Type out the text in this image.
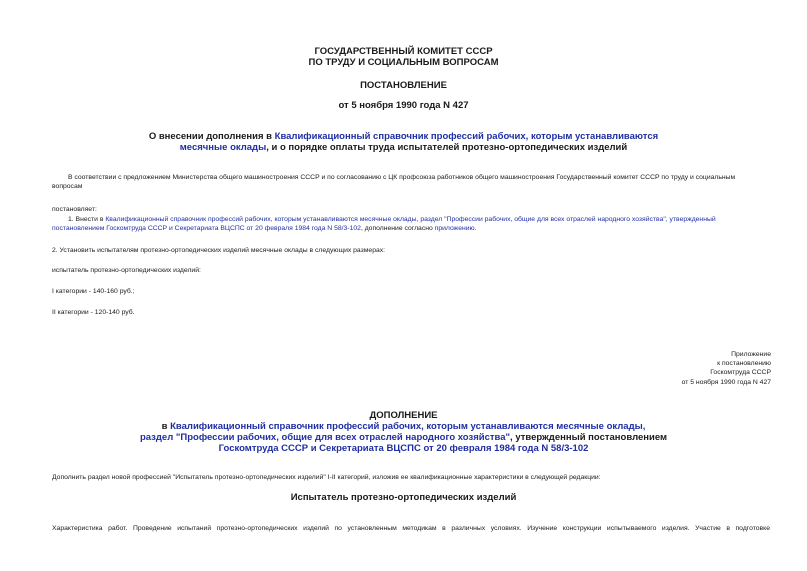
ГОСУДАРСТВЕННЫЙ КОМИТЕТ СССР
ПО ТРУДУ И СОЦИАЛЬНЫМ ВОПРОСАМ
ПОСТАНОВЛЕНИЕ
от 5 ноября 1990 года N 427
О внесении дополнения в Квалификационный справочник профессий рабочих, которым устанавливаются
месячные оклады, и о порядке оплаты труда испытателей протезно-ортопедических изделий
В соответствии с предложением Министерства общего машиностроения СССР и по согласованию с ЦК профсоюза работников общего машиностроения Государственный комитет СССР по труду и социальным
вопросам
постановляет:
1. Внести в Квалификационный справочник профессий рабочих, которым устанавливаются месячные оклады, раздел "Профессии рабочих, общие для всех отраслей народного хозяйства", утвержденный
постановлением Госкомтруда СССР и Секретариата ВЦСПС от 20 февраля 1984 года N 58/3-102, дополнение согласно приложению.
2. Установить испытателям протезно-ортопедических изделий месячные оклады в следующих размерах:
испытатель протезно-ортопедических изделий:
I категории - 140-160 руб.;
II категории - 120-140 руб.
Приложение
к постановлению
Госкомтруда СССР
от 5 ноября 1990 года N 427
ДОПОЛНЕНИЕ
в Квалификационный справочник профессий рабочих, которым устанавливаются месячные оклады,
раздел "Профессии рабочих, общие для всех отраслей народного хозяйства", утвержденный постановлением
Госкомтруда СССР и Секретариата ВЦСПС от 20 февраля 1984 года N 58/3-102
Дополнить раздел новой профессией "Испытатель протезно-ортопедических изделий" I-II категорий, изложив ее квалификационные характеристики в следующей редакции:
Испытатель протезно-ортопедических изделий
Характеристика работ. Проведение испытаний протезно-ортопедических изделий по установленным методикам в различных условиях. Изучение конструкции испытываемого изделия. Участие в подготовке
